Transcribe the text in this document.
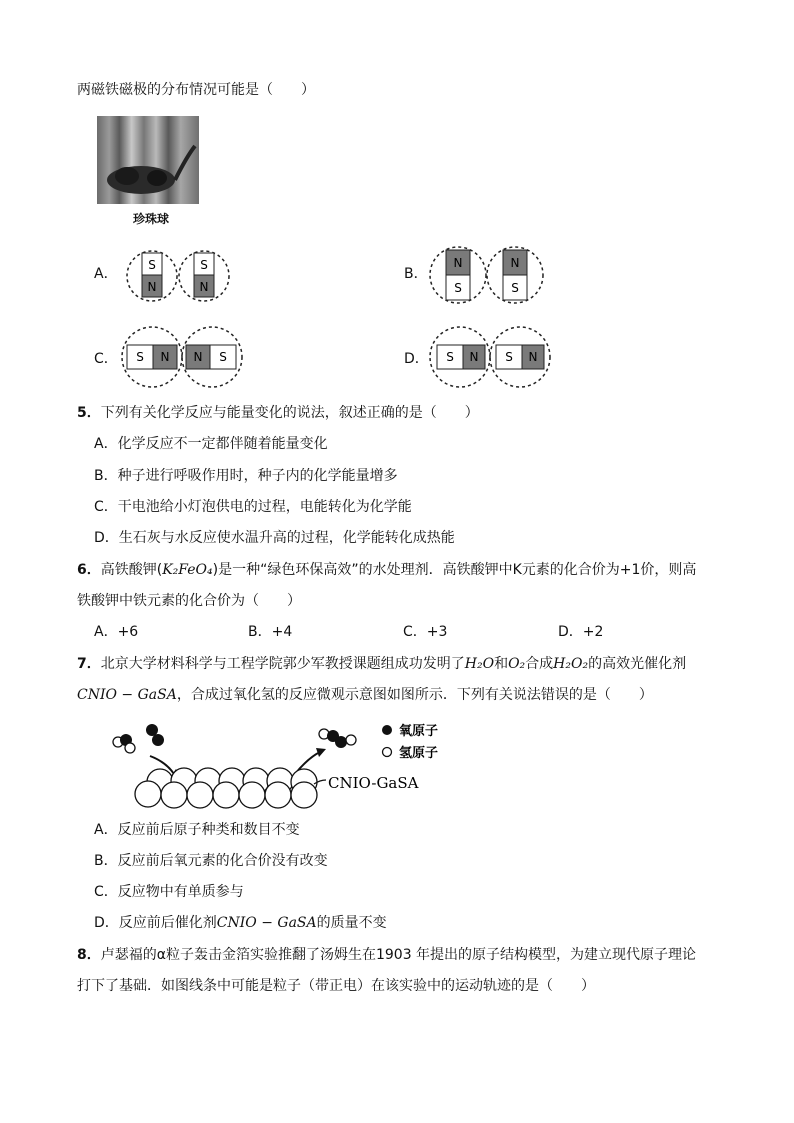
两磁铁磁极的分布情况可能是（　　）
珍珠球
A．
S
N
S
N
B．
N
S
N
S
C． S N N S	D． S N S N
5．下列有关化学反应与能量变化的说法，叙述正确的是（　　）
A．化学反应不一定都伴随着能量变化
B．种子进行呼吸作用时，种子内的化学能量增多
C．干电池给小灯泡供电的过程，电能转化为化学能
D．生石灰与水反应使水温升高的过程，化学能转化成热能
6．高铁酸钾(K₂FeO₄)是一种“绿色环保高效”的水处理剂．高铁酸钾中K元素的化合价为+1价，则高
铁酸钾中铁元素的化合价为（　　）
A．+6	B．+4	C．+3	D．+2
7．北京大学材料科学与工程学院郭少军教授课题组成功发明了H₂O和O₂合成H₂O₂的高效光催化剂
CNIO − GaSA，合成过氧化氢的反应微观示意图如图所示．下列有关说法错误的是（　　）
氧原子
氢原子
CNIO-GaSA
A．反应前后原子种类和数目不变
B．反应前后氧元素的化合价没有改变
C．反应物中有单质参与
D．反应前后催化剂CNIO − GaSA的质量不变
8．卢瑟福的α粒子轰击金箔实验推翻了汤姆生在1903 年提出的原子结构模型，为建立现代原子理论
打下了基础．如图线条中可能是粒子（带正电）在该实验中的运动轨迹的是（　　）
